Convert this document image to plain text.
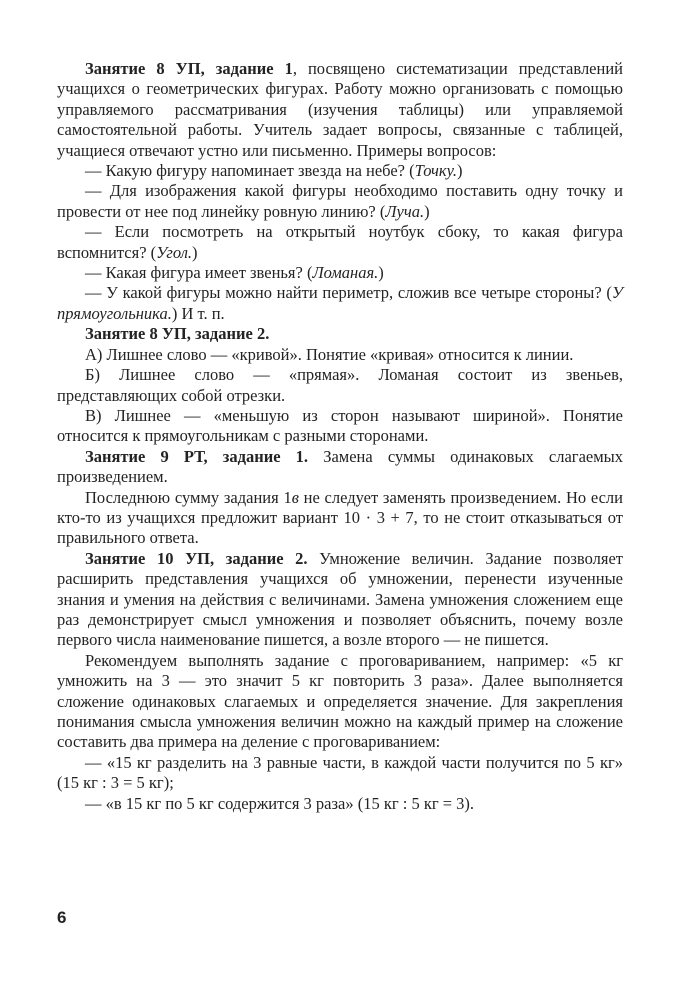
Занятие 8 УП, задание 1, посвящено систематизации представлений учащихся о геометрических фигурах. Работу можно организовать с помощью управляемого рассматривания (изучения таблицы) или управляемой самостоятельной работы. Учитель задает вопросы, связанные с таблицей, учащиеся отвечают устно или письменно. Примеры вопросов:

— Какую фигуру напоминает звезда на небе? (Точку.)

— Для изображения какой фигуры необходимо поставить одну точку и провести от нее под линейку ровную линию? (Луча.)

— Если посмотреть на открытый ноутбук сбоку, то какая фигура вспомнится? (Угол.)

— Какая фигура имеет звенья? (Ломаная.)

— У какой фигуры можно найти периметр, сложив все четыре стороны? (У прямоугольника.) И т. п.

Занятие 8 УП, задание 2.

А) Лишнее слово — «кривой». Понятие «кривая» относится к линии.

Б) Лишнее слово — «прямая». Ломаная состоит из звеньев, представляющих собой отрезки.

В) Лишнее — «меньшую из сторон называют шириной». Понятие относится к прямоугольникам с разными сторонами.

Занятие 9 РТ, задание 1. Замена суммы одинаковых слагаемых произведением.

Последнюю сумму задания 1в не следует заменять произведением. Но если кто-то из учащихся предложит вариант 10 · 3 + 7, то не стоит отказываться от правильного ответа.

Занятие 10 УП, задание 2. Умножение величин. Задание позволяет расширить представления учащихся об умножении, перенести изученные знания и умения на действия с величинами. Замена умножения сложением еще раз демонстрирует смысл умножения и позволяет объяснить, почему возле первого числа наименование пишется, а возле второго — не пишется.

Рекомендуем выполнять задание с проговариванием, например: «5 кг умножить на 3 — это значит 5 кг повторить 3 раза». Далее выполняется сложение одинаковых слагаемых и определяется значение. Для закрепления понимания смысла умножения величин можно на каждый пример на сложение составить два примера на деление с проговариванием:

— «15 кг разделить на 3 равные части, в каждой части получится по 5 кг» (15 кг : 3 = 5 кг);

— «в 15 кг по 5 кг содержится 3 раза» (15 кг : 5 кг = 3).

6
